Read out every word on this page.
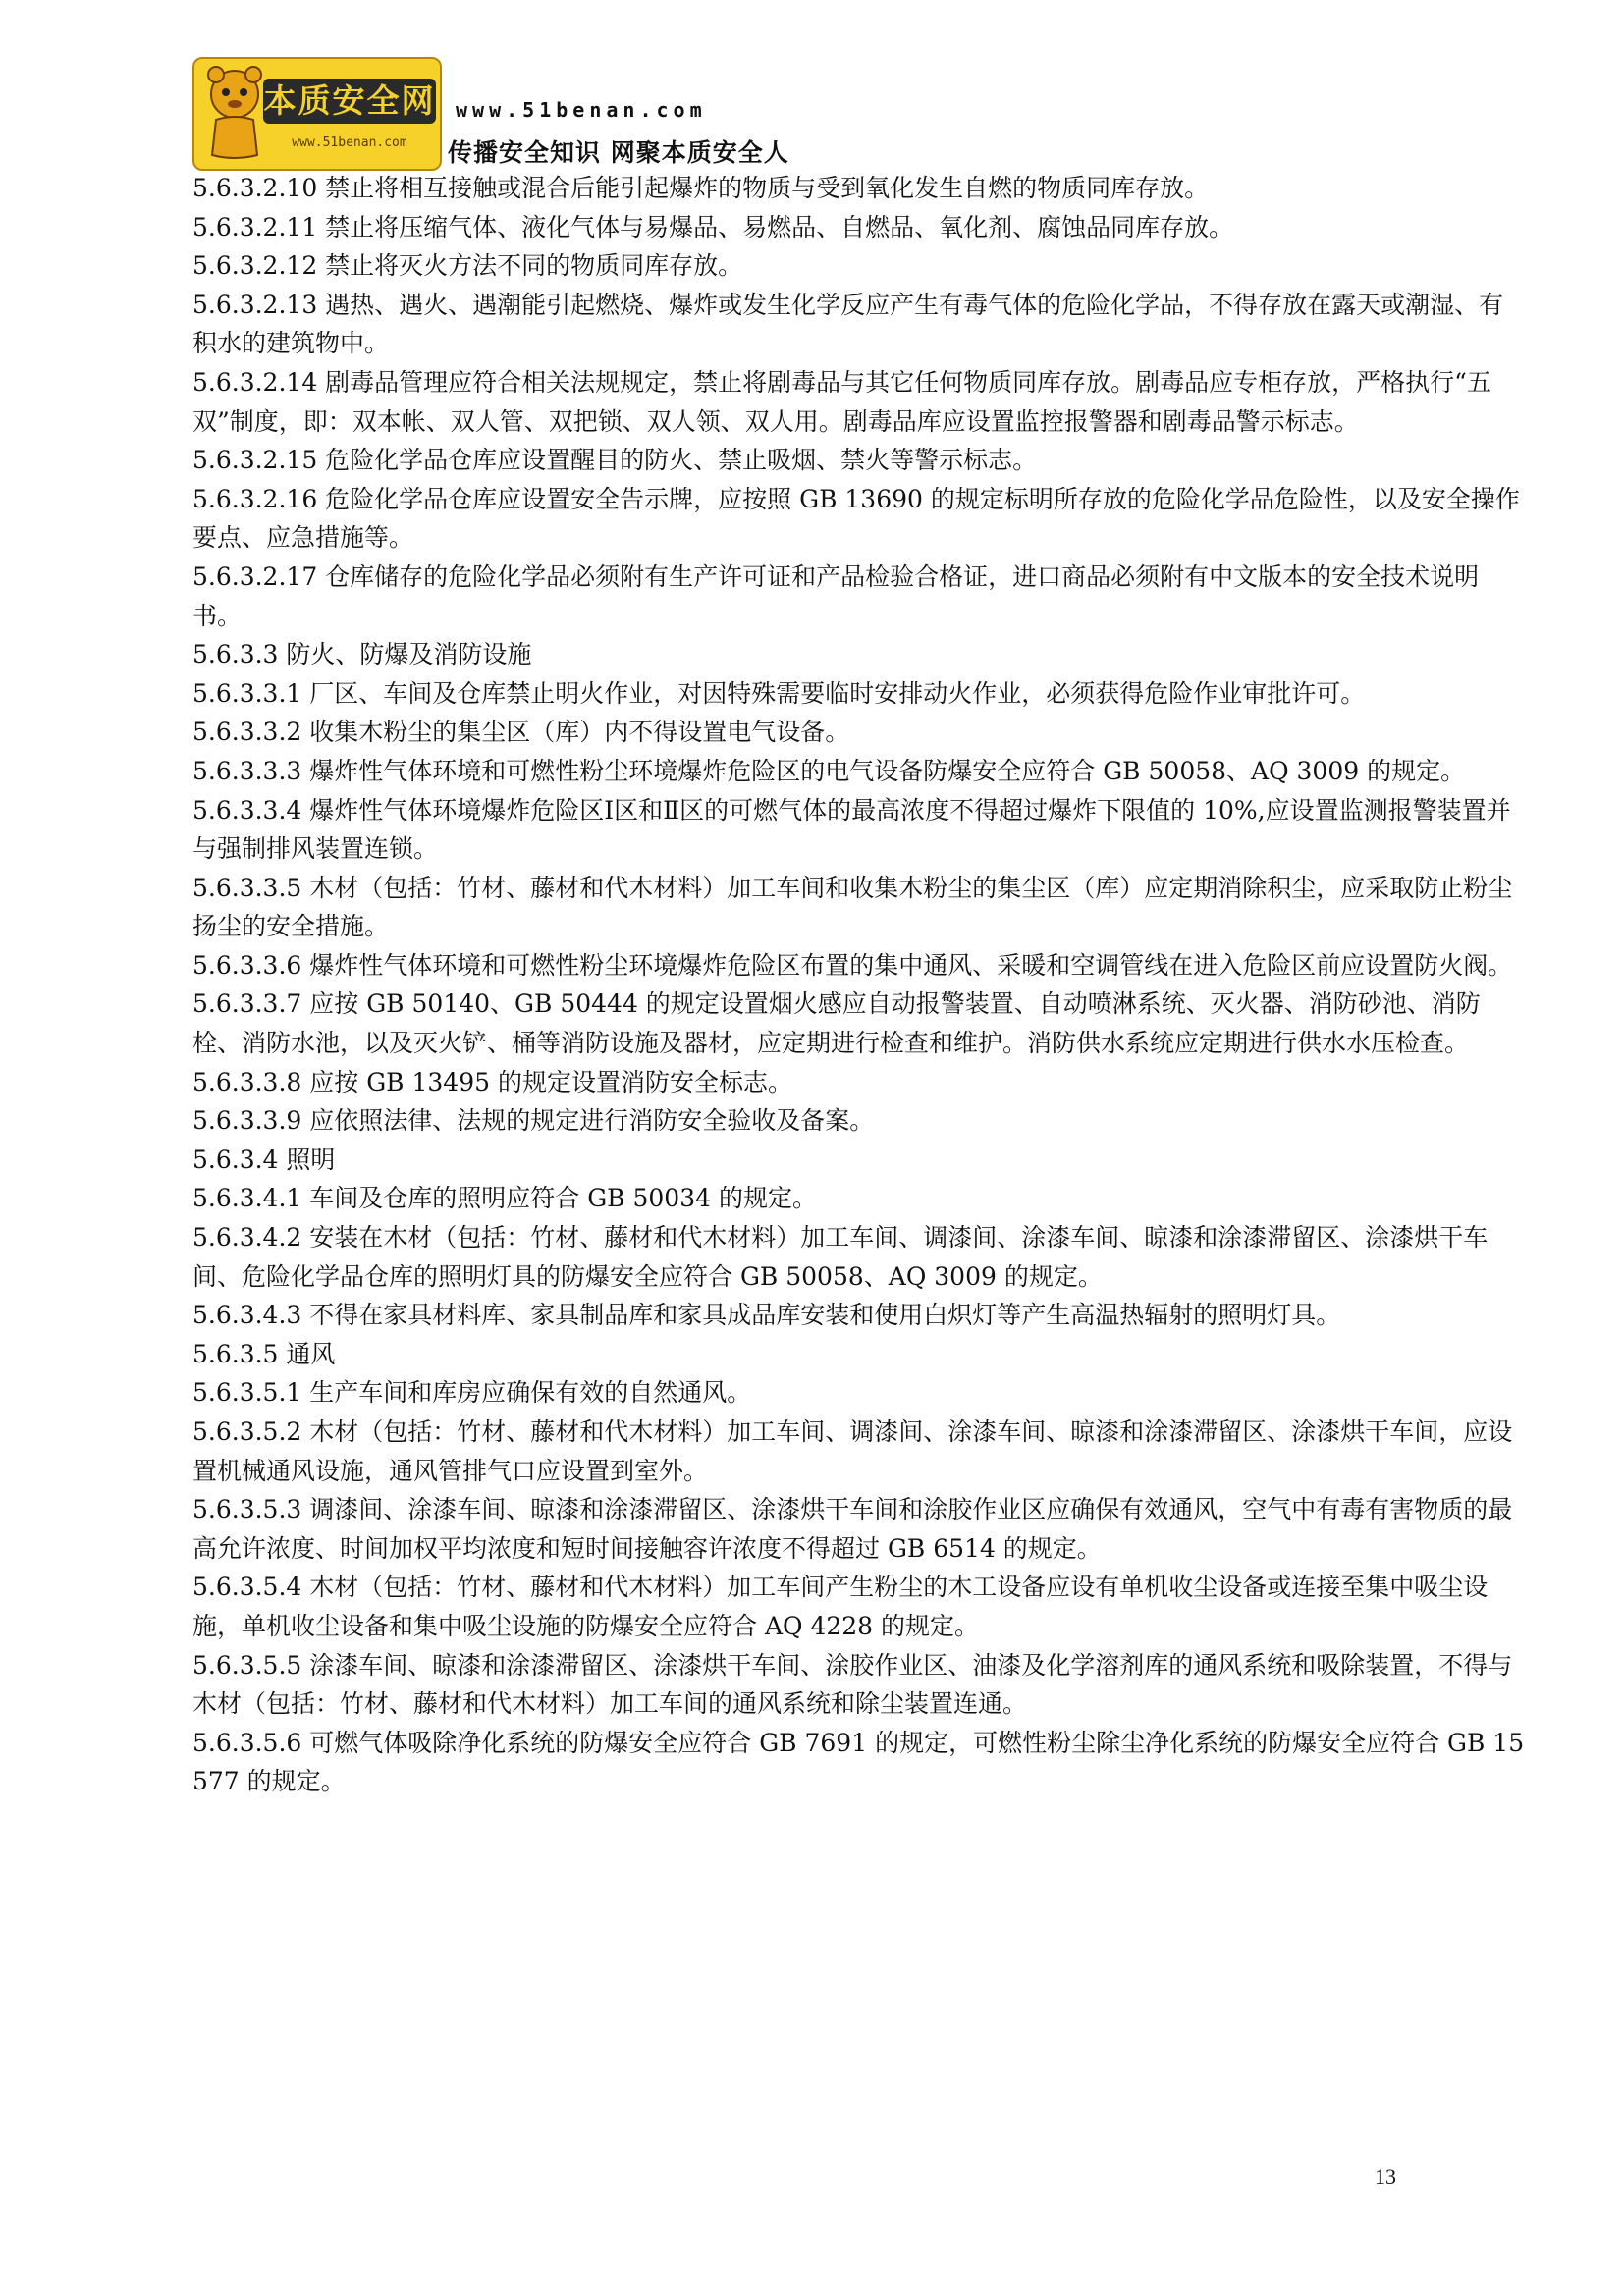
本质安全网
www.51benan.com
www.51benan.com
传播安全知识 网聚本质安全人

5.6.3.2.10 禁止将相互接触或混合后能引起爆炸的物质与受到氧化发生自燃的物质同库存放。

5.6.3.2.11 禁止将压缩气体、液化气体与易爆品、易燃品、自燃品、氧化剂、腐蚀品同库存放。

5.6.3.2.12 禁止将灭火方法不同的物质同库存放。

5.6.3.2.13 遇热、遇火、遇潮能引起燃烧、爆炸或发生化学反应产生有毒气体的危险化学品，不得存放在露天或潮湿、有积水的建筑物中。

5.6.3.2.14 剧毒品管理应符合相关法规规定，禁止将剧毒品与其它任何物质同库存放。剧毒品应专柜存放，严格执行“五双”制度，即：双本帐、双人管、双把锁、双人领、双人用。剧毒品库应设置监控报警器和剧毒品警示标志。

5.6.3.2.15 危险化学品仓库应设置醒目的防火、禁止吸烟、禁火等警示标志。

5.6.3.2.16 危险化学品仓库应设置安全告示牌，应按照 GB 13690 的规定标明所存放的危险化学品危险性，以及安全操作要点、应急措施等。

5.6.3.2.17 仓库储存的危险化学品必须附有生产许可证和产品检验合格证，进口商品必须附有中文版本的安全技术说明书。

5.6.3.3 防火、防爆及消防设施

5.6.3.3.1 厂区、车间及仓库禁止明火作业，对因特殊需要临时安排动火作业，必须获得危险作业审批许可。

5.6.3.3.2 收集木粉尘的集尘区（库）内不得设置电气设备。

5.6.3.3.3 爆炸性气体环境和可燃性粉尘环境爆炸危险区的电气设备防爆安全应符合 GB 50058、AQ 3009 的规定。

5.6.3.3.4 爆炸性气体环境爆炸危险区Ⅰ区和Ⅱ区的可燃气体的最高浓度不得超过爆炸下限值的 10%,应设置监测报警装置并与强制排风装置连锁。

5.6.3.3.5 木材（包括：竹材、藤材和代木材料）加工车间和收集木粉尘的集尘区（库）应定期消除积尘，应采取防止粉尘扬尘的安全措施。

5.6.3.3.6 爆炸性气体环境和可燃性粉尘环境爆炸危险区布置的集中通风、采暖和空调管线在进入危险区前应设置防火阀。

5.6.3.3.7 应按 GB 50140、GB 50444 的规定设置烟火感应自动报警装置、自动喷淋系统、灭火器、消防砂池、消防栓、消防水池，以及灭火铲、桶等消防设施及器材，应定期进行检查和维护。消防供水系统应定期进行供水水压检查。

5.6.3.3.8 应按 GB 13495 的规定设置消防安全标志。

5.6.3.3.9 应依照法律、法规的规定进行消防安全验收及备案。

5.6.3.4 照明

5.6.3.4.1 车间及仓库的照明应符合 GB 50034 的规定。

5.6.3.4.2 安装在木材（包括：竹材、藤材和代木材料）加工车间、调漆间、涂漆车间、晾漆和涂漆滞留区、涂漆烘干车间、危险化学品仓库的照明灯具的防爆安全应符合 GB 50058、AQ 3009 的规定。

5.6.3.4.3 不得在家具材料库、家具制品库和家具成品库安装和使用白炽灯等产生高温热辐射的照明灯具。

5.6.3.5 通风

5.6.3.5.1 生产车间和库房应确保有效的自然通风。

5.6.3.5.2 木材（包括：竹材、藤材和代木材料）加工车间、调漆间、涂漆车间、晾漆和涂漆滞留区、涂漆烘干车间，应设置机械通风设施，通风管排气口应设置到室外。

5.6.3.5.3 调漆间、涂漆车间、晾漆和涂漆滞留区、涂漆烘干车间和涂胶作业区应确保有效通风，空气中有毒有害物质的最高允许浓度、时间加权平均浓度和短时间接触容许浓度不得超过 GB 6514 的规定。

5.6.3.5.4 木材（包括：竹材、藤材和代木材料）加工车间产生粉尘的木工设备应设有单机收尘设备或连接至集中吸尘设施，单机收尘设备和集中吸尘设施的防爆安全应符合 AQ 4228 的规定。

5.6.3.5.5 涂漆车间、晾漆和涂漆滞留区、涂漆烘干车间、涂胶作业区、油漆及化学溶剂库的通风系统和吸除装置，不得与木材（包括：竹材、藤材和代木材料）加工车间的通风系统和除尘装置连通。

5.6.3.5.6 可燃气体吸除净化系统的防爆安全应符合 GB 7691 的规定，可燃性粉尘除尘净化系统的防爆安全应符合 GB 15577 的规定。

13
